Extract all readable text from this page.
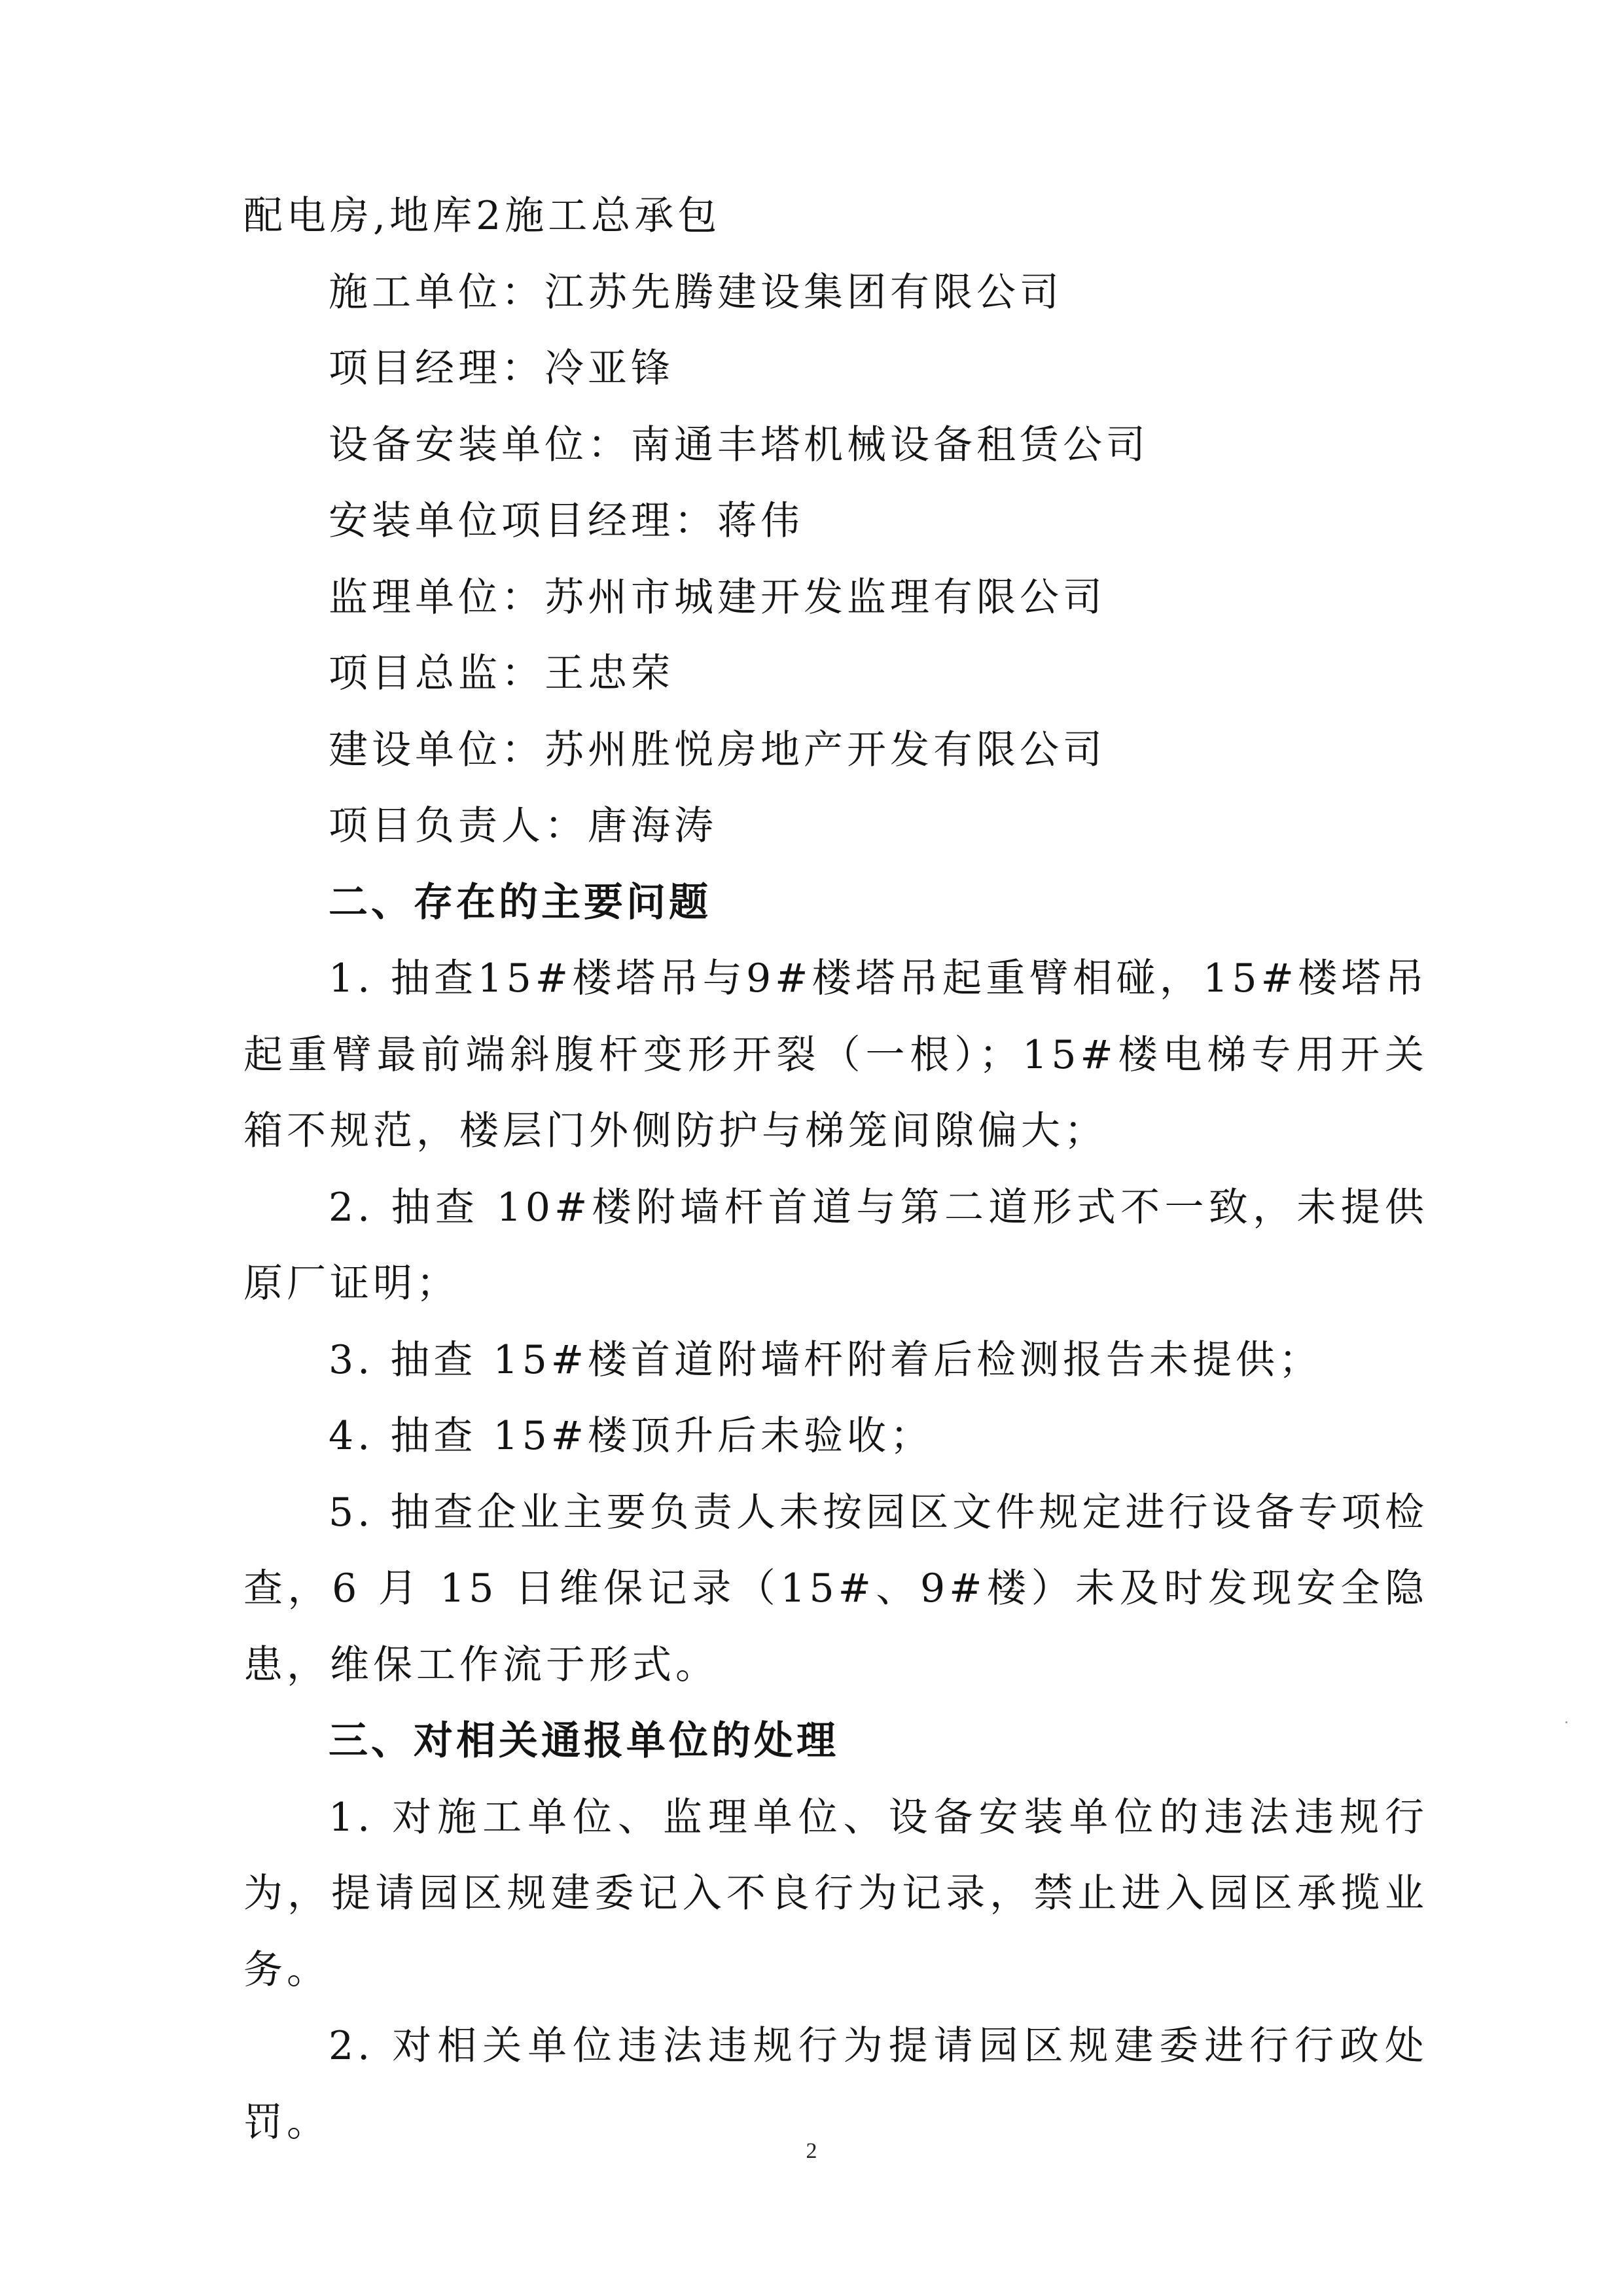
配电房,地库2施工总承包

施工单位：江苏先腾建设集团有限公司

项目经理：冷亚锋

设备安装单位：南通丰塔机械设备租赁公司

安装单位项目经理：蒋伟

监理单位：苏州市城建开发监理有限公司

项目总监：王忠荣

建设单位：苏州胜悦房地产开发有限公司

项目负责人：唐海涛

二、存在的主要问题

1. 抽查15#楼塔吊与9#楼塔吊起重臂相碰，15#楼塔吊起重臂最前端斜腹杆变形开裂（一根）；15#楼电梯专用开关箱不规范，楼层门外侧防护与梯笼间隙偏大；

2. 抽查 10#楼附墙杆首道与第二道形式不一致，未提供原厂证明；

3. 抽查 15#楼首道附墙杆附着后检测报告未提供；

4. 抽查 15#楼顶升后未验收；

5. 抽查企业主要负责人未按园区文件规定进行设备专项检查，6 月 15 日维保记录（15#、9#楼）未及时发现安全隐患，维保工作流于形式。

三、对相关通报单位的处理

1. 对施工单位、监理单位、设备安装单位的违法违规行为，提请园区规建委记入不良行为记录，禁止进入园区承揽业务。

2. 对相关单位违法违规行为提请园区规建委进行行政处罚。

2
